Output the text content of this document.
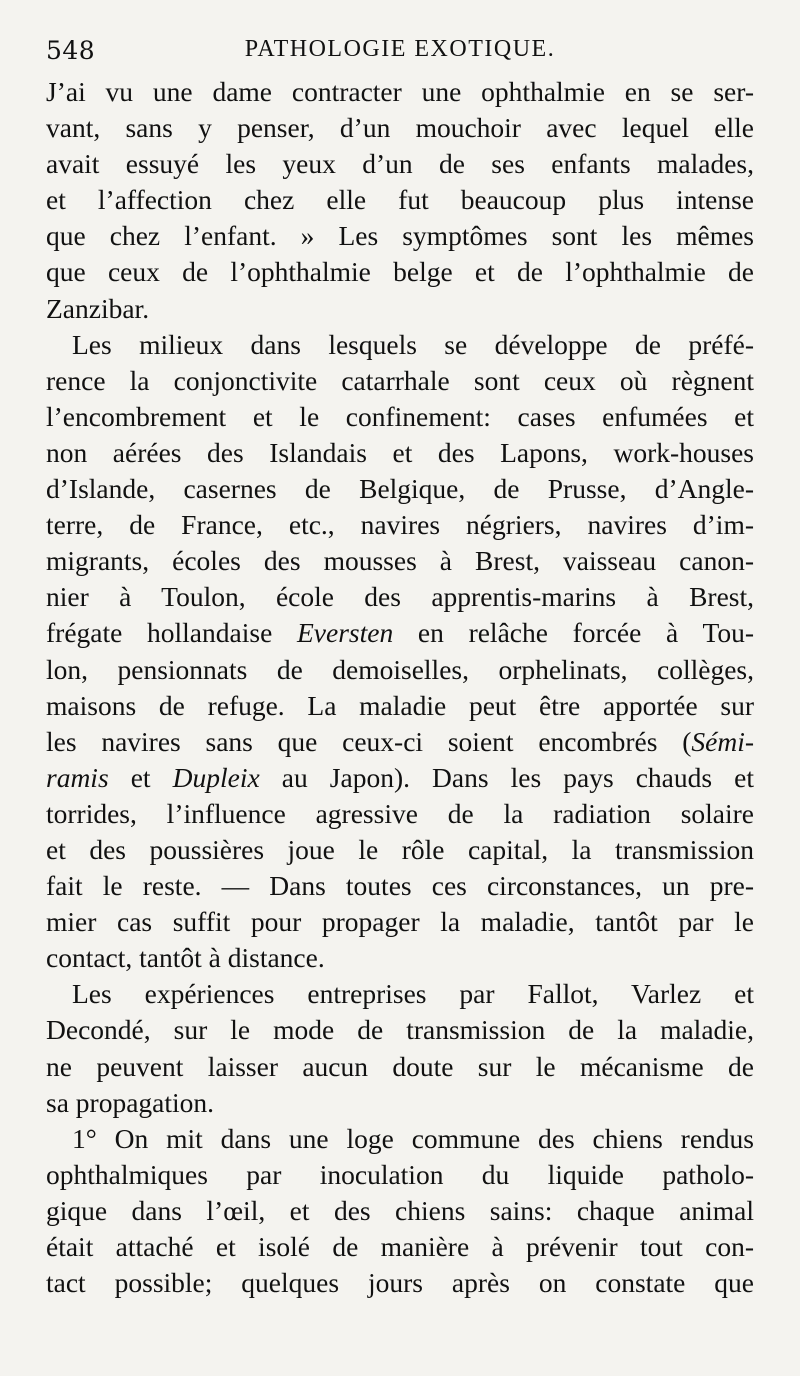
548	PATHOLOGIE EXOTIQUE.

J’ai vu une dame contracter une ophthalmie en se ser-
vant, sans y penser, d’un mouchoir avec lequel elle
avait essuyé les yeux d’un de ses enfants malades,
et l’affection chez elle fut beaucoup plus intense
que chez l’enfant. » Les symptômes sont les mêmes
que ceux de l’ophthalmie belge et de l’ophthalmie de
Zanzibar.

Les milieux dans lesquels se développe de préfé-
rence la conjonctivite catarrhale sont ceux où règnent
l’encombrement et le confinement: cases enfumées et
non aérées des Islandais et des Lapons, work-houses
d’Islande, casernes de Belgique, de Prusse, d’Angle-
terre, de France, etc., navires négriers, navires d’im-
migrants, écoles des mousses à Brest, vaisseau canon-
nier à Toulon, école des apprentis-marins à Brest,
frégate hollandaise Eversten en relâche forcée à Tou-
lon, pensionnats de demoiselles, orphelinats, collèges,
maisons de refuge. La maladie peut être apportée sur
les navires sans que ceux-ci soient encombrés (Sémi-
ramis et Dupleix au Japon). Dans les pays chauds et
torrides, l’influence agressive de la radiation solaire
et des poussières joue le rôle capital, la transmission
fait le reste. — Dans toutes ces circonstances, un pre-
mier cas suffit pour propager la maladie, tantôt par le
contact, tantôt à distance.

Les expériences entreprises par Fallot, Varlez et
Decondé, sur le mode de transmission de la maladie,
ne peuvent laisser aucun doute sur le mécanisme de
sa propagation.

1° On mit dans une loge commune des chiens rendus
ophthalmiques par inoculation du liquide patholo-
gique dans l’œil, et des chiens sains: chaque animal
était attaché et isolé de manière à prévenir tout con-
tact possible; quelques jours après on constate que
